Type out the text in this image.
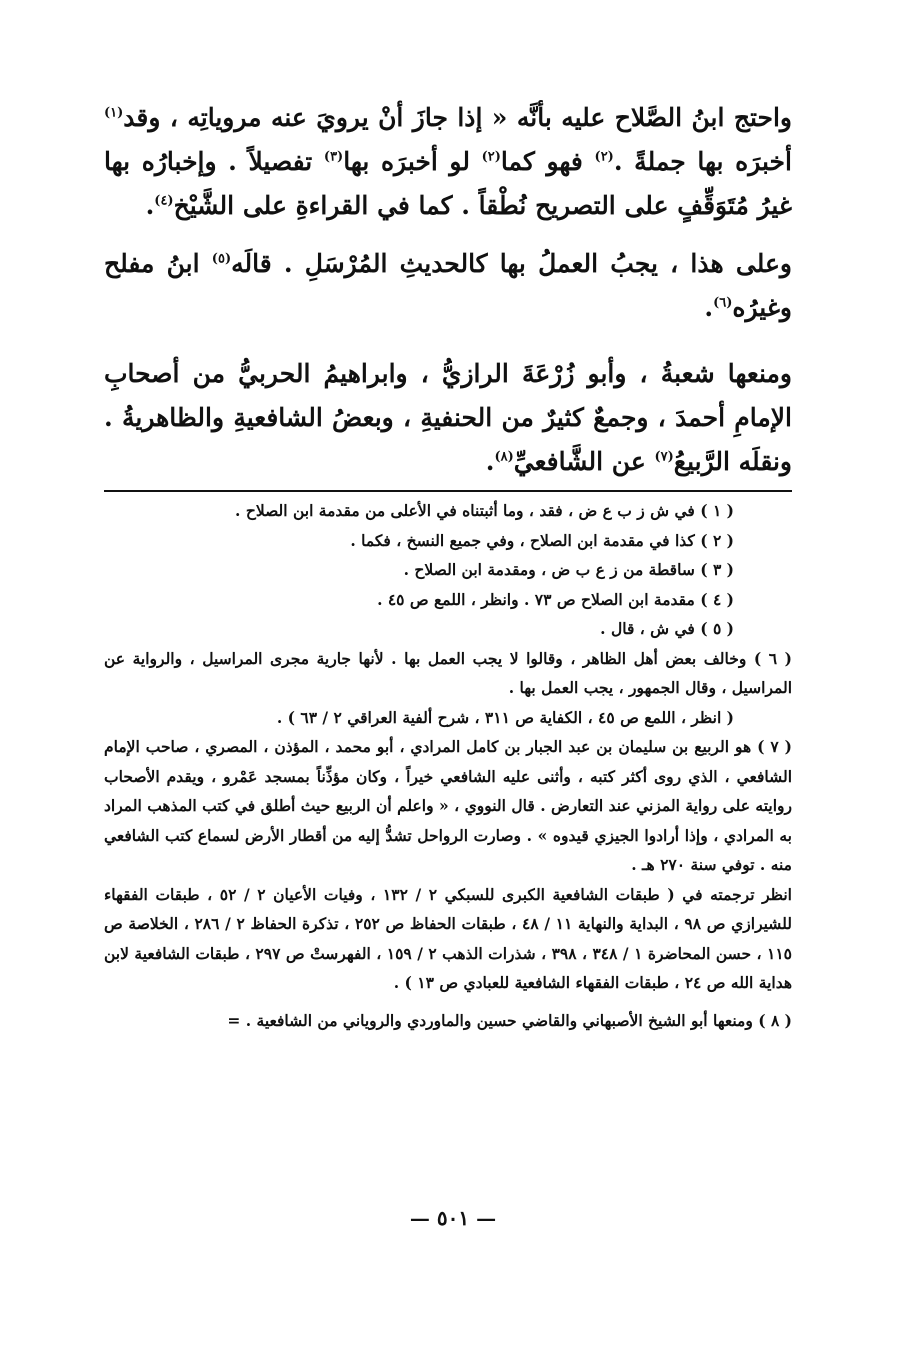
واحتج ابنُ الصَّلاح عليه بأنَّه « إذا جازَ أنْ يرويَ عنه مروياتِه ، وقد$^{(١)}$ أخبرَه بها جملةً .$^{(٢)}$ فهو كما$^{(٢)}$ لو أخبرَه بها$^{(٣)}$ تفصيلاً . وإخبارُه بها غيرُ مُتَوَقِّفٍ على التصريح نُطْقاً . كما في القراءةِ على الشَّيْخ$^{(٤)}$.

وعلى هذا ، يجبُ العملُ بها كالحديثِ المُرْسَلِ . قالَه$^{(٥)}$ ابنُ مفلح وغيرُه$^{(٦)}$.

ومنعها شعبةُ ، وأبو زُرْعَةَ الرازيُّ ، وابراهيمُ الحربيُّ من أصحابِ الإمامِ أحمدَ ، وجمعٌ كثيرٌ من الحنفيةِ ، وبعضُ الشافعيةِ والظاهريةُ . ونقلَه الرَّبيعُ$^{(٧)}$ عن الشَّافعيِّ$^{(٨)}$.

( ١ ) في ش ز ب ع ض ، فقد ، وما أثبتناه في الأعلى من مقدمة ابن الصلاح .

( ٢ ) كذا في مقدمة ابن الصلاح ، وفي جميع النسخ ، فكما .

( ٣ ) ساقطة من ز ع ب ض ، ومقدمة ابن الصلاح .

( ٤ ) مقدمة ابن الصلاح ص ٧٣ . وانظر ، اللمع ص ٤٥ .

( ٥ ) في ش ، قال .

( ٦ ) وخالف بعض أهل الظاهر ، وقالوا لا يجب العمل بها . لأنها جارية مجرى المراسيل ، والرواية عن المراسيل ، وقال الجمهور ، يجب العمل بها .

( انظر ، اللمع ص ٤٥ ، الكفاية ص ٣١١ ، شرح ألفية العراقي ٢ / ٦٣ ) .

( ٧ ) هو الربيع بن سليمان بن عبد الجبار بن كامل المرادي ، أبو محمد ، المؤذن ، المصري ، صاحب الإمام الشافعي ، الذي روى أكثر كتبه ، وأثنى عليه الشافعي خيراً ، وكان مؤذِّناً بمسجد عَمْرو ، ويقدم الأصحاب روايته على رواية المزني عند التعارض . قال النووي ، « واعلم أن الربيع حيث أطلق في كتب المذهب المراد به المرادي ، وإذا أرادوا الجيزي قيدوه » . وصارت الرواحل تشدُّ إليه من أقطار الأرض لسماع كتب الشافعي منه . توفي سنة ٢٧٠ هـ .

انظر ترجمته في ( طبقات الشافعية الكبرى للسبكي ٢ / ١٣٢ ، وفيات الأعيان ٢ / ٥٢ ، طبقات الفقهاء للشيرازي ص ٩٨ ، البداية والنهاية ١١ / ٤٨ ، طبقات الحفاظ ص ٢٥٢ ، تذكرة الحفاظ ٢ / ٢٨٦ ، الخلاصة ص ١١٥ ، حسن المحاضرة ١ / ٣٤٨ ، ٣٩٨ ، شذرات الذهب ٢ / ١٥٩ ، الفهرستْ ص ٢٩٧ ، طبقات الشافعية لابن هداية الله ص ٢٤ ، طبقات الفقهاء الشافعية للعبادي ص ١٣ ) .

( ٨ ) ومنعها أبو الشيخ الأصبهاني والقاضي حسين والماوردي والروياني من الشافعية . =

— ٥٠١ —
